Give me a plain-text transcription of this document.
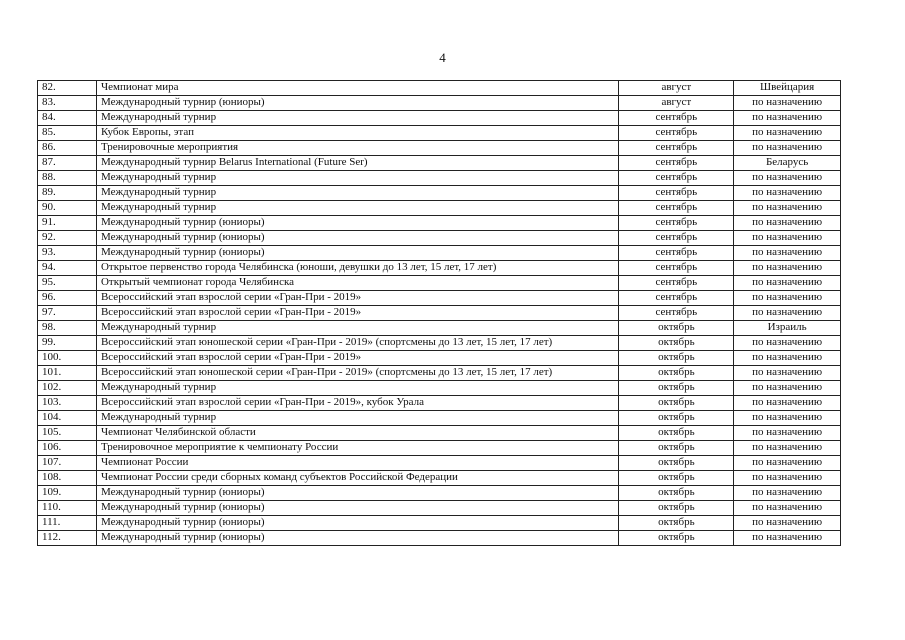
4
82.	Чемпионат мира	август	Швейцария
83.	Международный турнир (юниоры)	август	по назначению
84.	Международный турнир	сентябрь	по назначению
85.	Кубок Европы, этап	сентябрь	по назначению
86.	Тренировочные мероприятия	сентябрь	по назначению
87.	Международный турнир Belarus International (Future Ser)	сентябрь	Беларусь
88.	Международный турнир	сентябрь	по назначению
89.	Международный турнир	сентябрь	по назначению
90.	Международный турнир	сентябрь	по назначению
91.	Международный турнир (юниоры)	сентябрь	по назначению
92.	Международный турнир (юниоры)	сентябрь	по назначению
93.	Международный турнир (юниоры)	сентябрь	по назначению
94.	Открытое первенство города Челябинска (юноши, девушки до 13 лет, 15 лет, 17 лет)	сентябрь	по назначению
95.	Открытый чемпионат города Челябинска	сентябрь	по назначению
96.	Всероссийский этап взрослой серии «Гран-При - 2019»	сентябрь	по назначению
97.	Всероссийский этап взрослой серии «Гран-При - 2019»	сентябрь	по назначению
98.	Международный турнир	октябрь	Израиль
99.	Всероссийский этап юношеской серии «Гран-При - 2019» (спортсмены до 13 лет, 15 лет, 17 лет)	октябрь	по назначению
100.	Всероссийский этап взрослой серии «Гран-При - 2019»	октябрь	по назначению
101.	Всероссийский этап юношеской серии «Гран-При - 2019» (спортсмены до 13 лет, 15 лет, 17 лет)	октябрь	по назначению
102.	Международный турнир	октябрь	по назначению
103.	Всероссийский этап взрослой серии «Гран-При - 2019», кубок Урала	октябрь	по назначению
104.	Международный турнир	октябрь	по назначению
105.	Чемпионат Челябинской области	октябрь	по назначению
106.	Тренировочное мероприятие к чемпионату России	октябрь	по назначению
107.	Чемпионат России	октябрь	по назначению
108.	Чемпионат России среди сборных команд субъектов Российской Федерации	октябрь	по назначению
109.	Международный турнир (юниоры)	октябрь	по назначению
110.	Международный турнир (юниоры)	октябрь	по назначению
111.	Международный турнир (юниоры)	октябрь	по назначению
112.	Международный турнир (юниоры)	октябрь	по назначению
